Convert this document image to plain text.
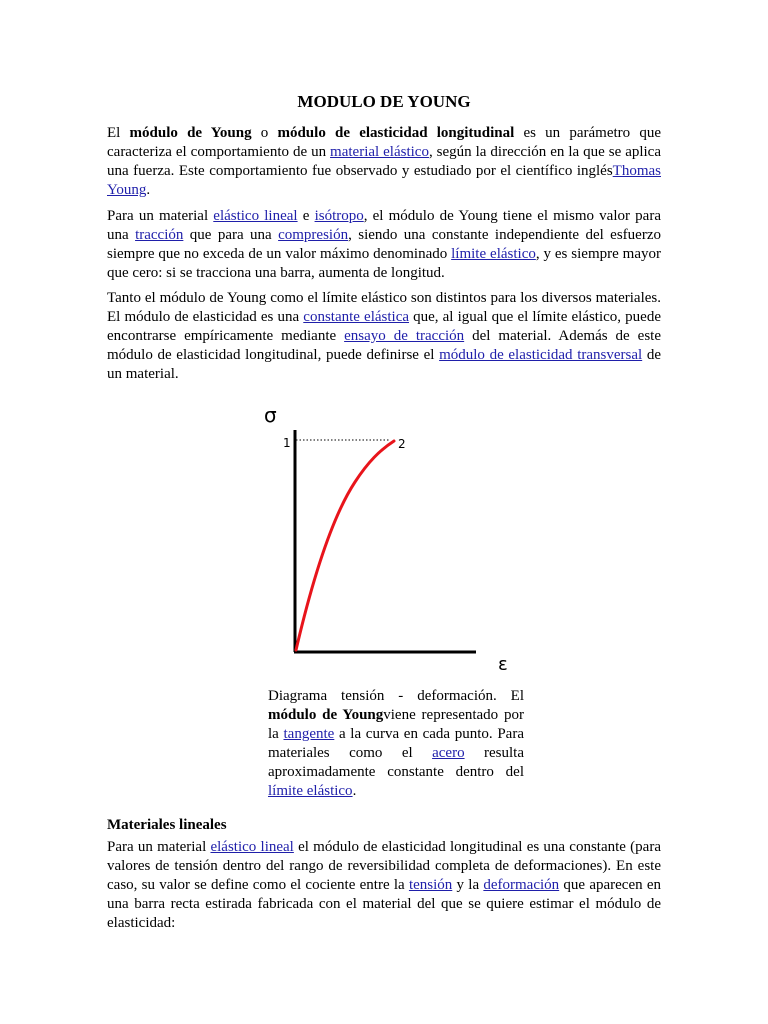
MODULO DE YOUNG

El módulo de Young o módulo de elasticidad longitudinal es un parámetro que caracteriza el comportamiento de un material elástico, según la dirección en la que se aplica una fuerza. Este comportamiento fue observado y estudiado por el científico inglésThomas Young.

Para un material elástico lineal e isótropo, el módulo de Young tiene el mismo valor para una tracción que para una compresión, siendo una constante independiente del esfuerzo siempre que no exceda de un valor máximo denominado límite elástico, y es siempre mayor que cero: si se tracciona una barra, aumenta de longitud.

Tanto el módulo de Young como el límite elástico son distintos para los diversos materiales. El módulo de elasticidad es una constante elástica que, al igual que el límite elástico, puede encontrarse empíricamente mediante ensayo de tracción del material. Además de este módulo de elasticidad longitudinal, puede definirse el módulo de elasticidad transversal de un material.

σ
1	2
ε

Diagrama tensión - deformación. El módulo de Youngviene representado por la tangente a la curva en cada punto. Para materiales como el acero resulta aproximadamente constante dentro del límite elástico.

Materiales lineales

Para un material elástico lineal el módulo de elasticidad longitudinal es una constante (para valores de tensión dentro del rango de reversibilidad completa de deformaciones). En este caso, su valor se define como el cociente entre la tensión y la deformación que aparecen en una barra recta estirada fabricada con el material del que se quiere estimar el módulo de elasticidad:
